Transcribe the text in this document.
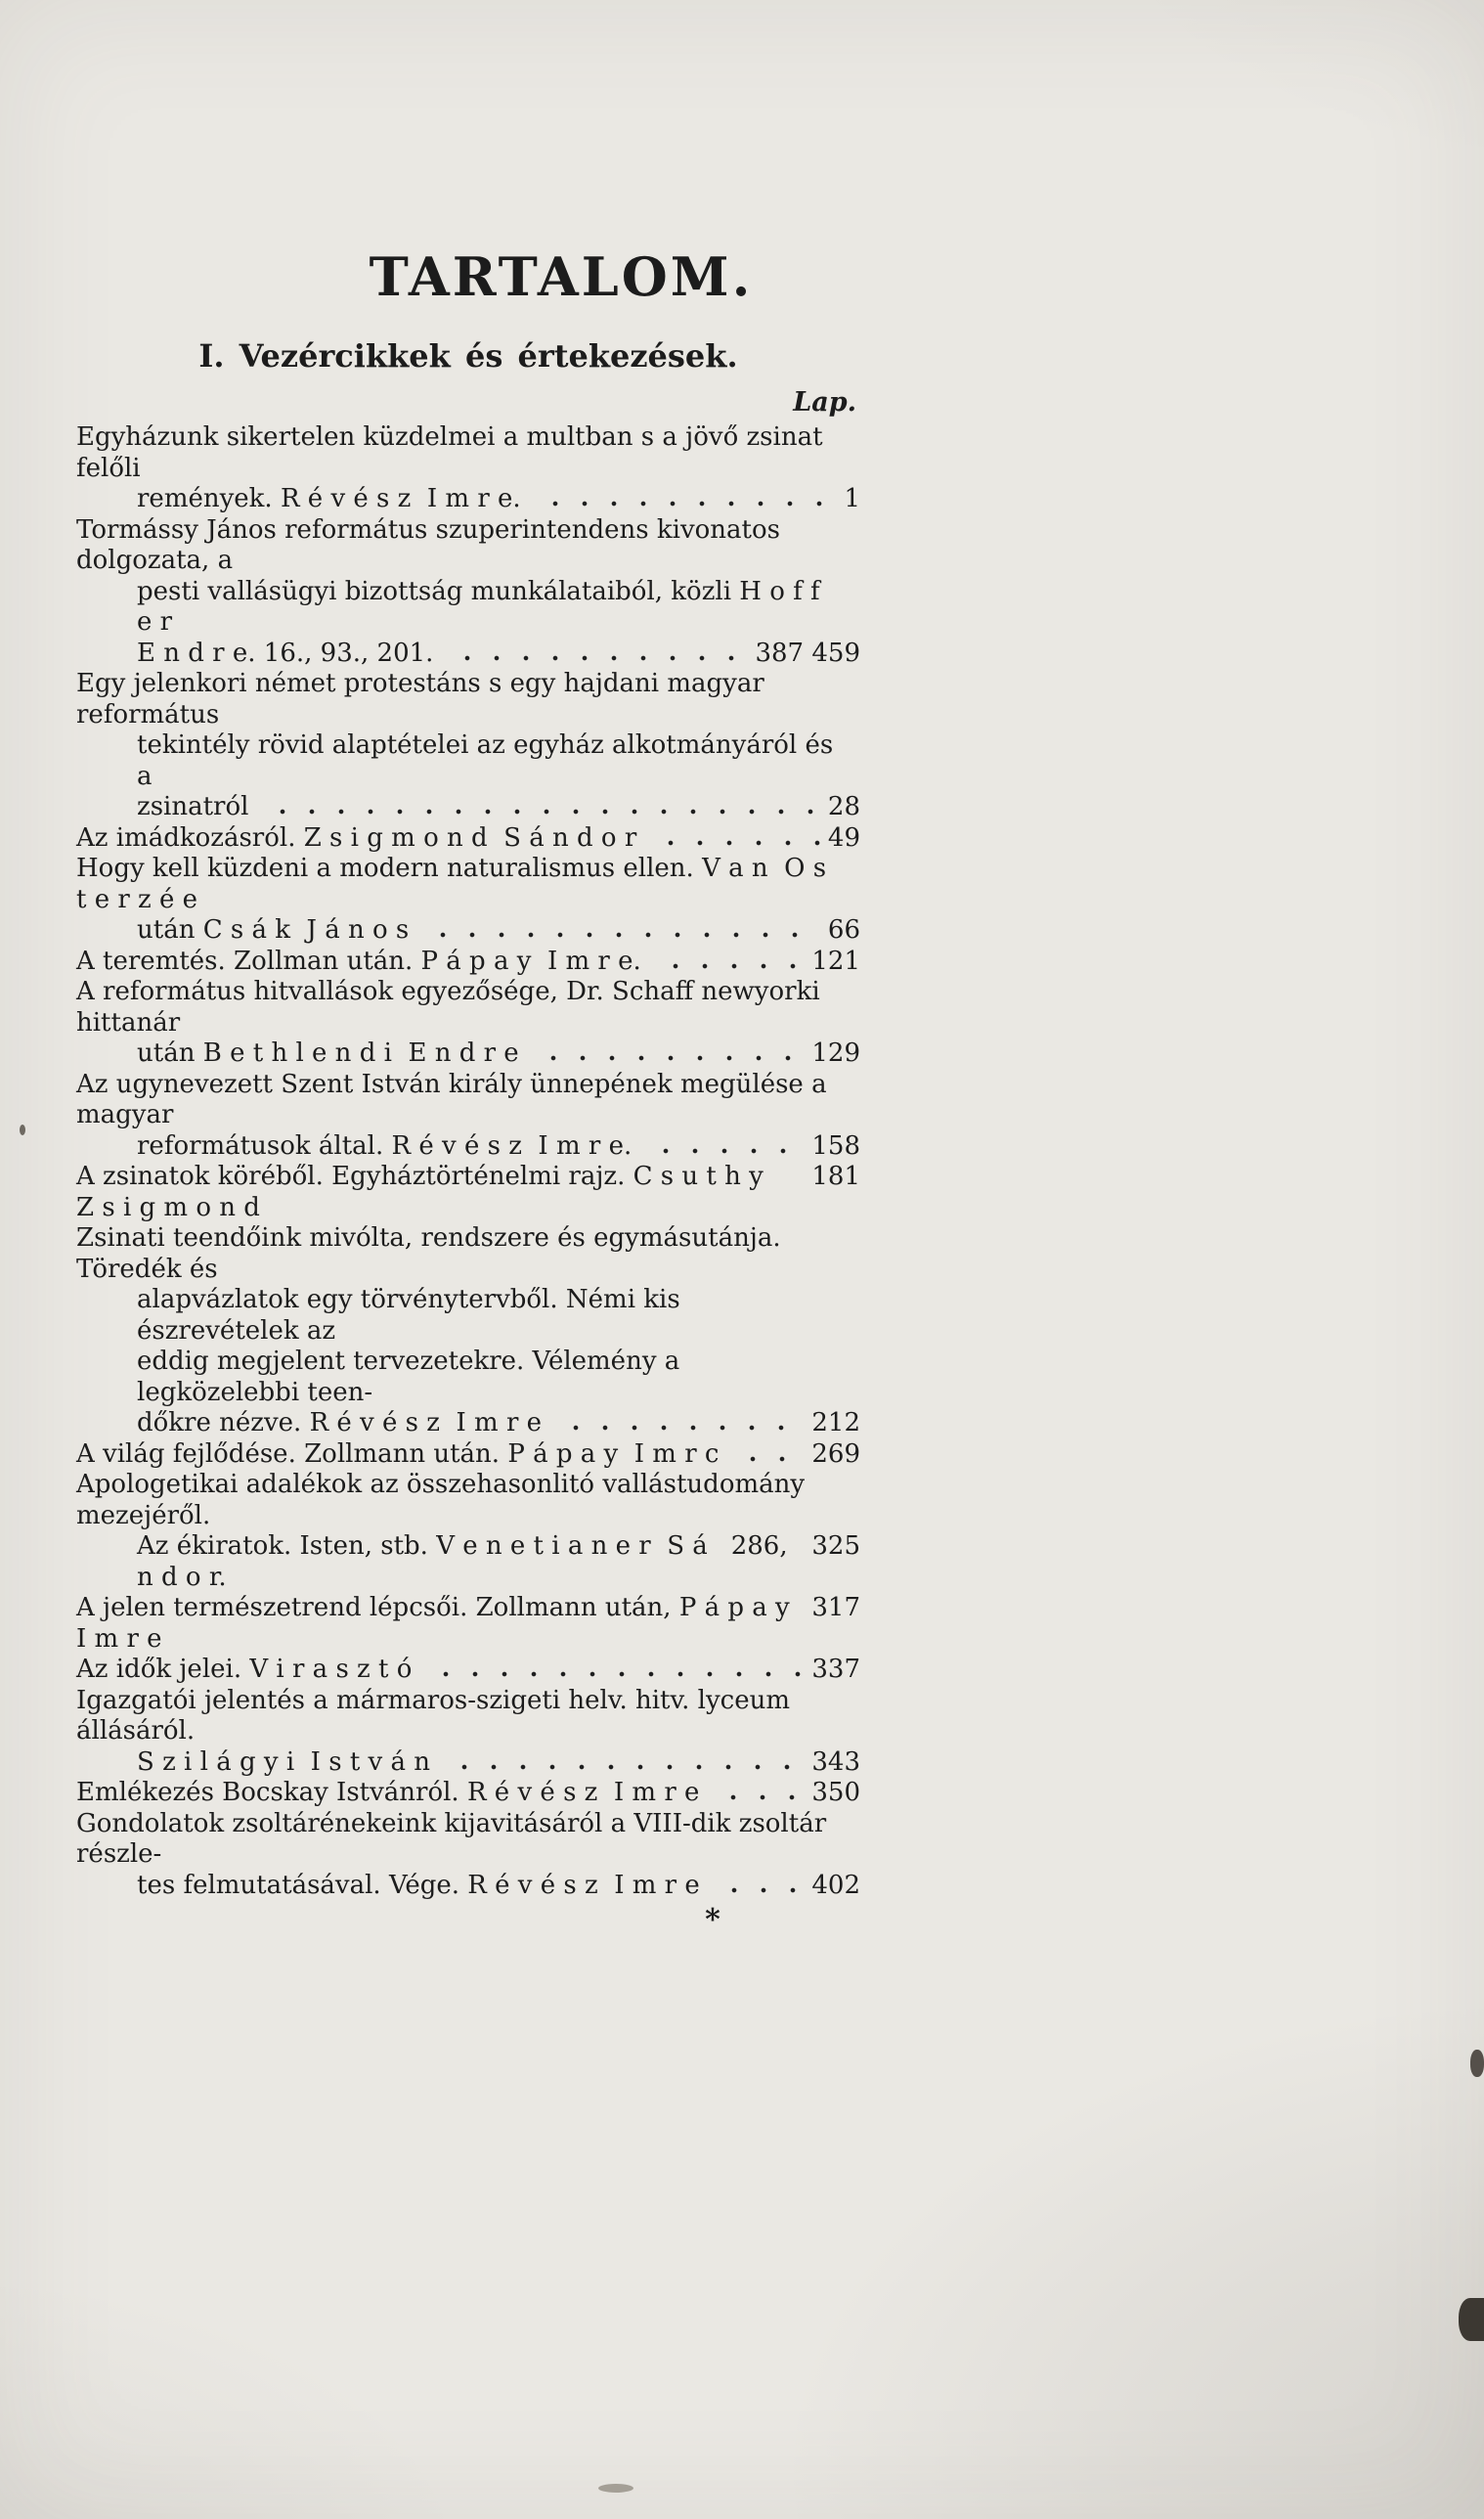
TARTALOM.
I. Vezércikkek és értekezések.
Lap.
Egyházunk sikertelen küzdelmei a multban s a jövő zsinat felőli
remények. R é v é s z  I m r e.	1
Tormássy János református szuperintendens kivonatos dolgozata, a
pesti vallásügyi bizottság munkálataiból, közli H o f f e r
E n d r e. 16., 93., 201.	387 459
Egy jelenkori német protestáns s egy hajdani magyar református
tekintély rövid alaptételei az egyház alkotmányáról és a
zsinatról	28
Az imádkozásról. Z s i g m o n d  S á n d o r	49
Hogy kell küzdeni a modern naturalismus ellen. V a n  O s t e r z é e
után C s á k  J á n o s	66
A teremtés. Zollman után. P á p a y  I m r e.	121
A református hitvallások egyezősége, Dr. Schaff newyorki hittanár
után B e t h l e n d i  E n d r e	129
Az ugynevezett Szent István király ünnepének megülése a magyar
reformátusok által. R é v é s z  I m r e.	158
A zsinatok köréből. Egyháztörténelmi rajz. C s u t h y  Z s i g m o n d
181
Zsinati teendőink mivólta, rendszere és egymásutánja. Töredék és
alapvázlatok egy törvénytervből. Némi kis észrevételek az
eddig megjelent tervezetekre. Vélemény a legközelebbi teen-
dőkre nézve. R é v é s z  I m r e	212
A világ fejlődése. Zollmann után. P á p a y  I m r c	269
Apologetikai adalékok az összehasonlitó vallástudomány mezejéről.
Az ékiratok. Isten, stb. V e n e t i a n e r  S á n d o r.
286,   325
A jelen természetrend lépcsői. Zollmann után, P á p a y  I m r e
317
Az idők jelei. V i r a s z t ó	337
Igazgatói jelentés a mármaros-szigeti helv. hitv. lyceum  állásáról.
S z i l á g y i  I s t v á n	343
Emlékezés Bocskay Istvánról. R é v é s z  I m r e	350
Gondolatok zsoltárénekeink kijavitásáról a VIII-dik zsoltár részle-
tes felmutatásával. Vége. R é v é s z  I m r e	402
*
